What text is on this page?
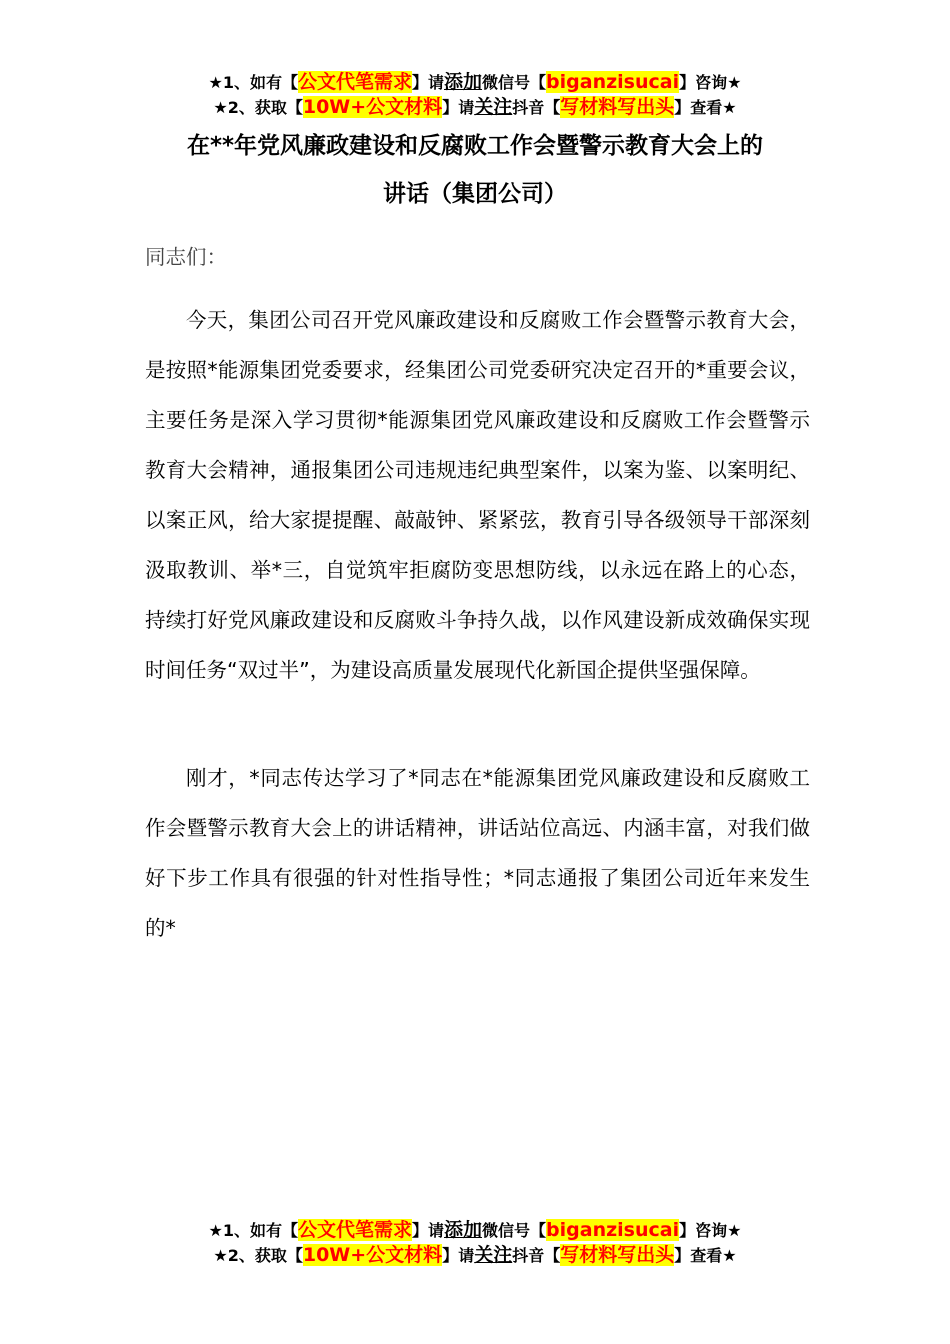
★1、如有【公文代笔需求】请添加微信号【biganzisucai】咨询★
★2、获取【10W+公文材料】请关注抖音【写材料写出头】查看★
在**年党风廉政建设和反腐败工作会暨警示教育大会上的
讲话（集团公司）
同志们：

今天，集团公司召开党风廉政建设和反腐败工作会暨警示教育大会，是按照*能源集团党委要求，经集团公司党委研究决定召开的*重要会议，主要任务是深入学习贯彻*能源集团党风廉政建设和反腐败工作会暨警示教育大会精神，通报集团公司违规违纪典型案件，以案为鉴、以案明纪、以案正风，给大家提提醒、敲敲钟、紧紧弦，教育引导各级领导干部深刻汲取教训、举*三，自觉筑牢拒腐防变思想防线，以永远在路上的心态，持续打好党风廉政建设和反腐败斗争持久战，以作风建设新成效确保实现时间任务“双过半”，为建设高质量发展现代化新国企提供坚强保障。

刚才，*同志传达学习了*同志在*能源集团党风廉政建设和反腐败工作会暨警示教育大会上的讲话精神，讲话站位高远、内涵丰富，对我们做好下步工作具有很强的针对性指导性；*同志通报了集团公司近年来发生的*

★1、如有【公文代笔需求】请添加微信号【biganzisucai】咨询★
★2、获取【10W+公文材料】请关注抖音【写材料写出头】查看★
